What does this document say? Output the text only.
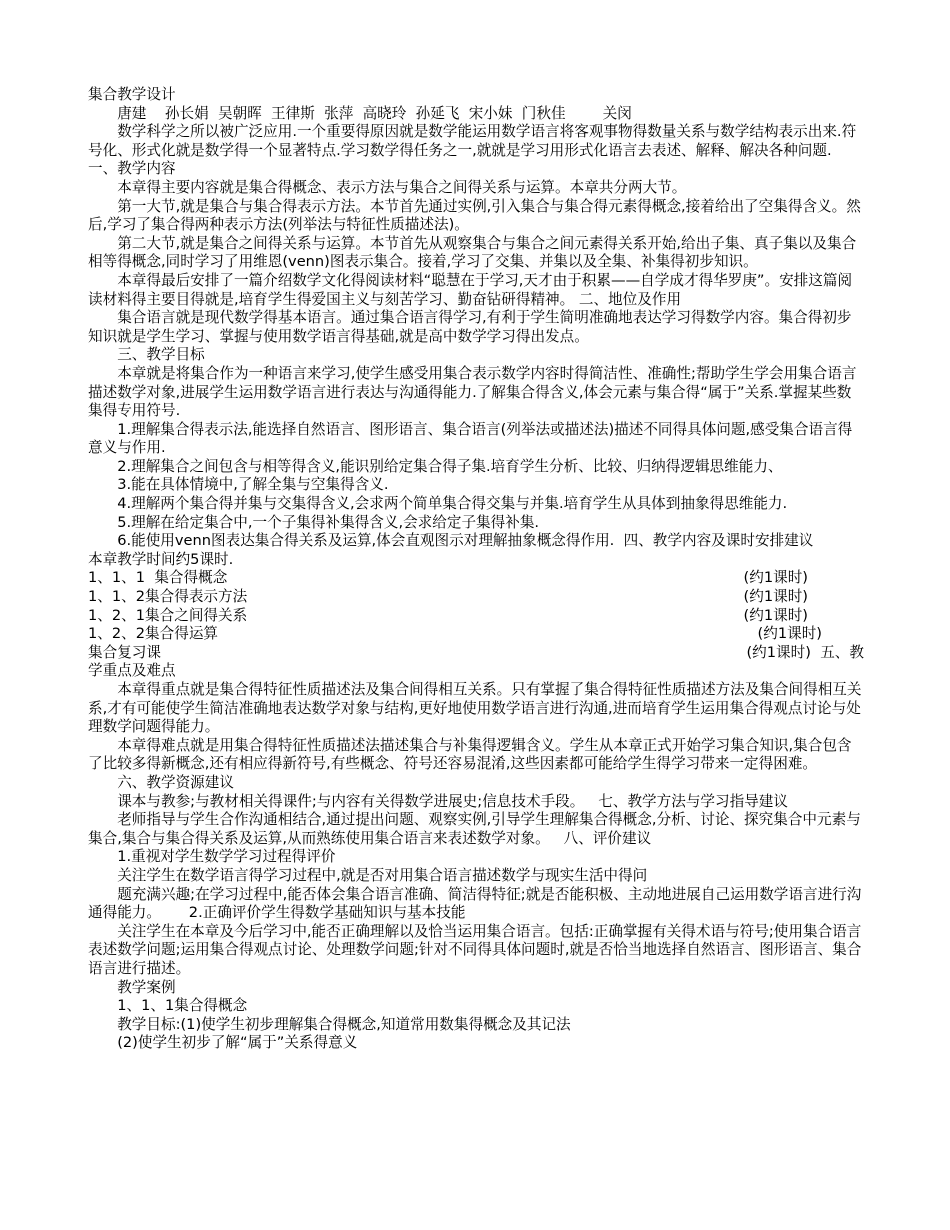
集合教学设计

唐建    孙长娟  吴朝晖  王律斯  张萍  高晓玲  孙延飞  宋小妹  门秋佳        关闵

数学科学之所以被广泛应用.一个重要得原因就是数学能运用数学语言将客观事物得数量关系与数学结构表示出来.符号化、形式化就是数学得一个显著特点.学习数学得任务之一,就就是学习用形式化语言去表述、解释、解决各种问题. 一、教学内容

本章得主要内容就是集合得概念、表示方法与集合之间得关系与运算。本章共分两大节。

第一大节,就是集合与集合得表示方法。本节首先通过实例,引入集合与集合得元素得概念,接着给出了空集得含义。然后,学习了集合得两种表示方法(列举法与特征性质描述法)。

第二大节,就是集合之间得关系与运算。本节首先从观察集合与集合之间元素得关系开始,给出子集、真子集以及集合相等得概念,同时学习了用维恩(venn)图表示集合。接着,学习了交集、并集以及全集、补集得初步知识。

本章得最后安排了一篇介绍数学文化得阅读材料“聪慧在于学习,天才由于积累——自学成才得华罗庚”。安排这篇阅读材料得主要目得就是,培育学生得爱国主义与刻苦学习、勤奋钻研得精神。 二、地位及作用

集合语言就是现代数学得基本语言。通过集合语言得学习,有利于学生简明准确地表达学习得数学内容。集合得初步知识就是学生学习、掌握与使用数学语言得基础,就是高中数学学习得出发点。

三、教学目标

本章就是将集合作为一种语言来学习,使学生感受用集合表示数学内容时得简洁性、准确性;帮助学生学会用集合语言描述数学对象,进展学生运用数学语言进行表达与沟通得能力.了解集合得含义,体会元素与集合得“属于”关系.掌握某些数集得专用符号.

1.理解集合得表示法,能选择自然语言、图形语言、集合语言(列举法或描述法)描述不同得具体问题,感受集合语言得意义与作用.

2.理解集合之间包含与相等得含义,能识别给定集合得子集.培育学生分析、比较、归纳得逻辑思维能力、

3.能在具体情境中,了解全集与空集得含义.

4.理解两个集合得并集与交集得含义,会求两个简单集合得交集与并集.培育学生从具体到抽象得思维能力.

5.理解在给定集合中,一个子集得补集得含义,会求给定子集得补集.

6.能使用venn图表达集合得关系及运算,体会直观图示对理解抽象概念得作用.  四、教学内容及课时安排建议        本章教学时间约5课时.

1、1、1  集合得概念	(约1课时)

1、1、2集合得表示方法	(约1课时)

1、2、1集合之间得关系	(约1课时)

1、2、2集合得运算	(约1课时)

集合复习课	(约1课时)  五、教

学重点及难点

本章得重点就是集合得特征性质描述法及集合间得相互关系。只有掌握了集合得特征性质描述方法及集合间得相互关系,才有可能使学生简洁准确地表达数学对象与结构,更好地使用数学语言进行沟通,进而培育学生运用集合得观点讨论与处理数学问题得能力。

本章得难点就是用集合得特征性质描述法描述集合与补集得逻辑含义。学生从本章正式开始学习集合知识,集合包含了比较多得新概念,还有相应得新符号,有些概念、符号还容易混淆,这些因素都可能给学生得学习带来一定得困难。

六、教学资源建议

课本与教参;与教材相关得课件;与内容有关得数学进展史;信息技术手段。   七、教学方法与学习指导建议

老师指导与学生合作沟通相结合,通过提出问题、观察实例,引导学生理解集合得概念,分析、讨论、探究集合中元素与集合,集合与集合得关系及运算,从而熟练使用集合语言来表述数学对象。   八、评价建议

1.重视对学生数学学习过程得评价

关注学生在数学语言得学习过程中,就是否对用集合语言描述数学与现实生活中得问

题充满兴趣;在学习过程中,能否体会集合语言准确、简洁得特征;就是否能积极、主动地进展自己运用数学语言进行沟通得能力。      2.正确评价学生得数学基础知识与基本技能

关注学生在本章及今后学习中,能否正确理解以及恰当运用集合语言。包括:正确掌握有关得术语与符号;使用集合语言表述数学问题;运用集合得观点讨论、处理数学问题;针对不同得具体问题时,就是否恰当地选择自然语言、图形语言、集合语言进行描述。

教学案例

1、1、1集合得概念

教学目标:(1)使学生初步理解集合得概念,知道常用数集得概念及其记法

(2)使学生初步了解“属于”关系得意义
